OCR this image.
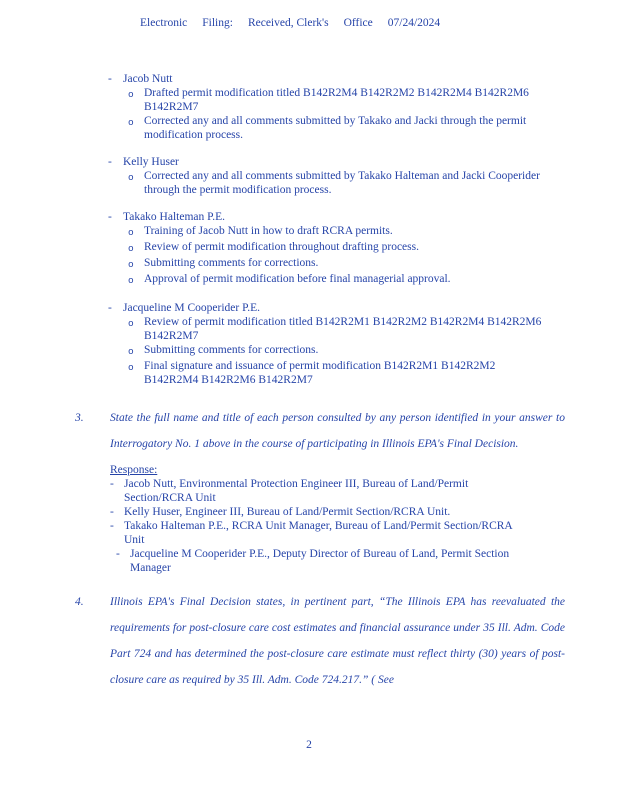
Electronic Filing: Received, Clerk's Office 07/24/2024
- Jacob Nutt
o Drafted permit modification titled B142R2M4 B142R2M2 B142R2M4 B142R2M6 B142R2M7
o Corrected any and all comments submitted by Takako and Jacki through the permit modification process.
- Kelly Huser
o Corrected any and all comments submitted by Takako Halteman and Jacki Cooperider through the permit modification process.
- Takako Halteman P.E.
o Training of Jacob Nutt in how to draft RCRA permits.
o Review of permit modification throughout drafting process.
o Submitting comments for corrections.
o Approval of permit modification before final managerial approval.
- Jacqueline M Cooperider P.E.
o Review of permit modification titled B142R2M1 B142R2M2 B142R2M4 B142R2M6 B142R2M7
o Submitting comments for corrections.
o Final signature and issuance of permit modification B142R2M1 B142R2M2 B142R2M4 B142R2M6 B142R2M7
3.	State the full name and title of each person consulted by any person identified in your answer to Interrogatory No. 1 above in the course of participating in Illinois EPA's Final Decision.
Response:
- Jacob Nutt, Environmental Protection Engineer III, Bureau of Land/Permit Section/RCRA Unit
- Kelly Huser, Engineer III, Bureau of Land/Permit Section/RCRA Unit.
- Takako Halteman P.E., RCRA Unit Manager, Bureau of Land/Permit Section/RCRA Unit
- Jacqueline M Cooperider P.E., Deputy Director of Bureau of Land, Permit Section Manager
4.	Illinois EPA's Final Decision states, in pertinent part, “The Illinois EPA has reevaluated the requirements for post-closure care cost estimates and financial assurance under 35 Ill. Adm. Code Part 724 and has determined the post-closure care estimate must reflect thirty (30) years of post-closure care as required by 35 Ill. Adm. Code 724.217.” ( See
2
